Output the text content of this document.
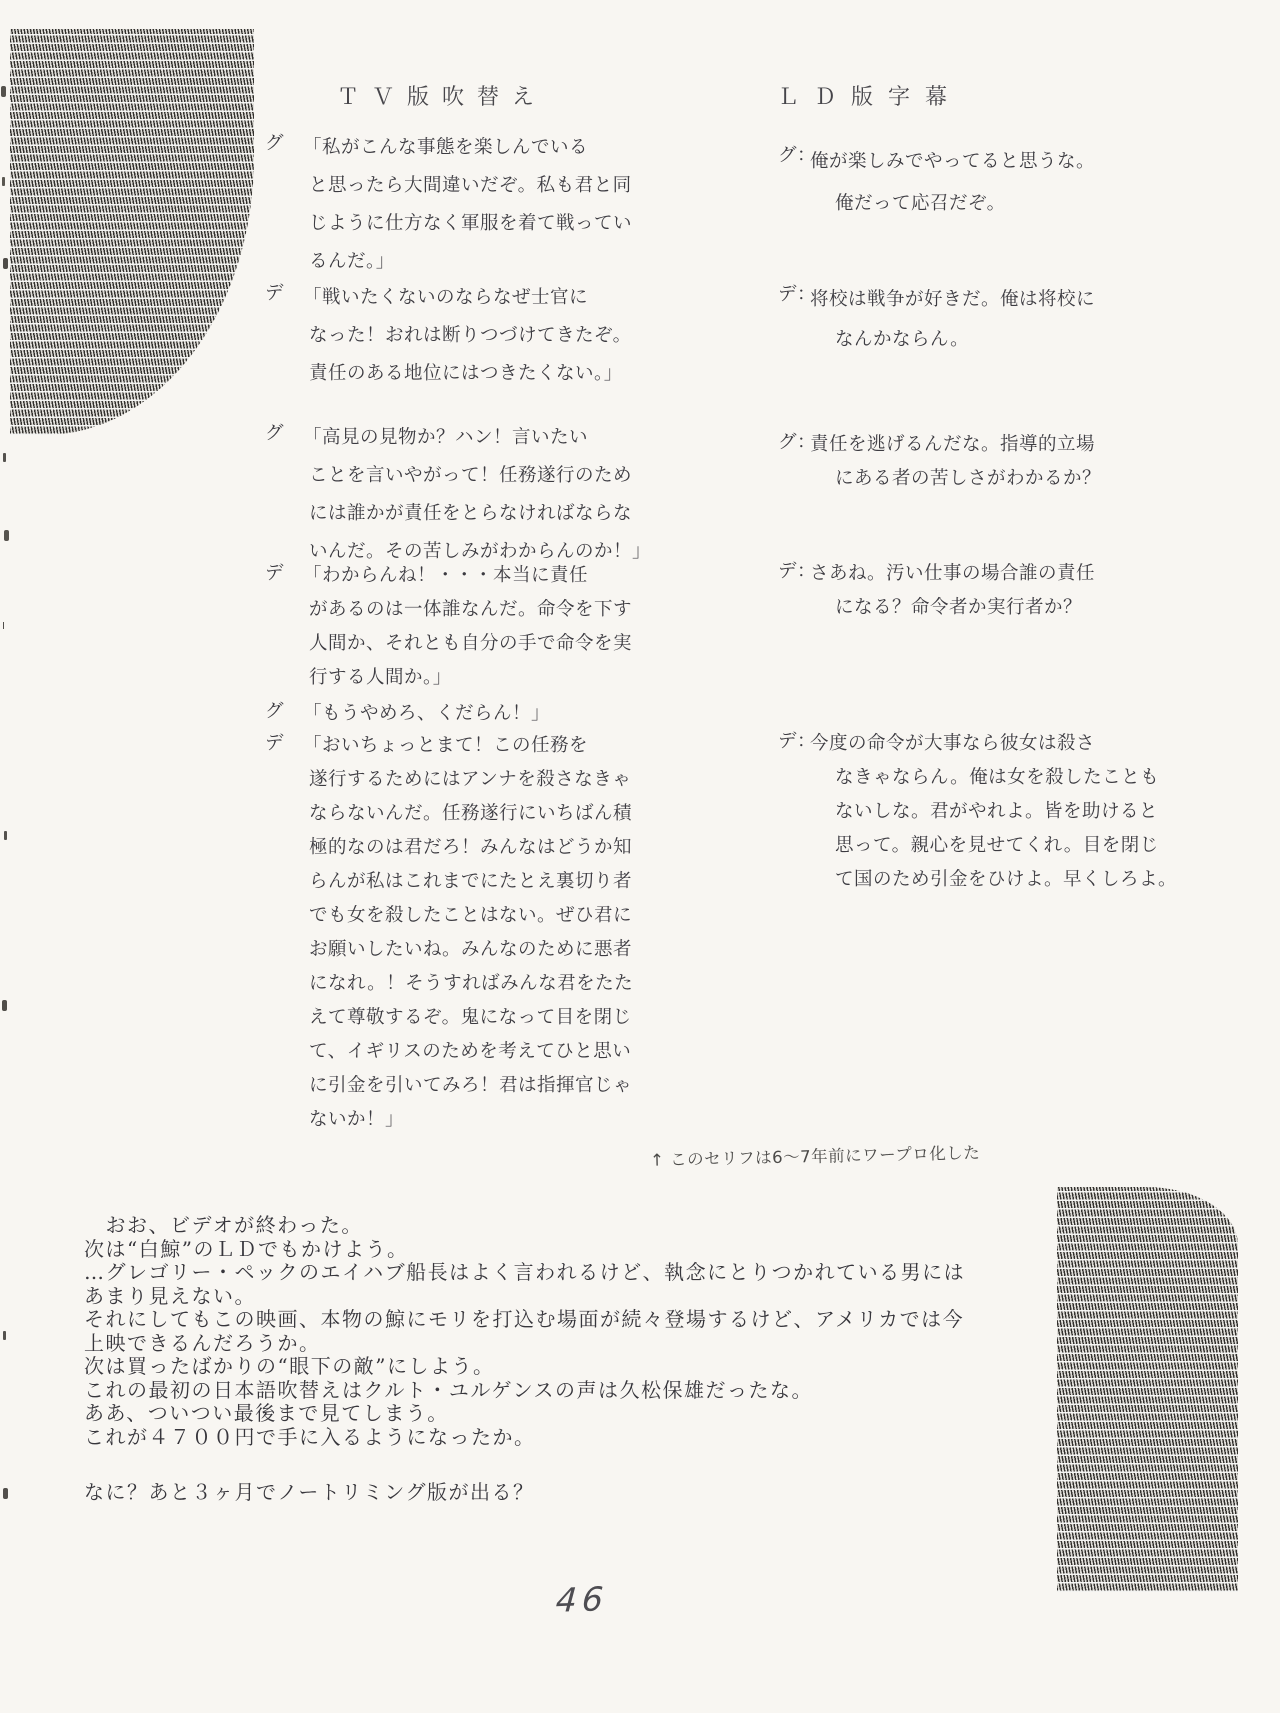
ＴＶ版吹替え	ＬＤ版字幕
グ 「私がこんな事態を楽しんでいる
と思ったら大間違いだぞ。私も君と同
じように仕方なく軍服を着て戦ってい
るんだ。」
デ 「戦いたくないのならなぜ士官に
なった！おれは断りつづけてきたぞ。
責任のある地位にはつきたくない。」
グ 「高見の見物か？ハン！言いたい
ことを言いやがって！任務遂行のため
には誰かが責任をとらなければならな
いんだ。その苦しみがわからんのか！」
デ 「わからんね！・・・本当に責任
があるのは一体誰なんだ。命令を下す
人間か、それとも自分の手で命令を実
行する人間か。」
グ 「もうやめろ、くだらん！」
デ 「おいちょっとまて！この任務を
遂行するためにはアンナを殺さなきゃ
ならないんだ。任務遂行にいちばん積
極的なのは君だろ！みんなはどうか知
らんが私はこれまでにたとえ裏切り者
でも女を殺したことはない。ぜひ君に
お願いしたいね。みんなのために悪者
になれ。！そうすればみんな君をたた
えて尊敬するぞ。鬼になって目を閉じ
て、イギリスのためを考えてひと思い
に引金を引いてみろ！君は指揮官じゃ
ないか！」
グ：
俺が楽しみでやってると思うな。
俺だって応召だぞ。
デ：
将校は戦争が好きだ。俺は将校に
なんかならん。
グ：
責任を逃げるんだな。指導的立場
にある者の苦しさがわかるか？
デ：
さあね。汚い仕事の場合誰の責任
になる？命令者か実行者か？
デ：
今度の命令が大事なら彼女は殺さ
なきゃならん。俺は女を殺したことも
ないしな。君がやれよ。皆を助けると
思って。親心を見せてくれ。目を閉じ
て国のため引金をひけよ。早くしろよ。
↑ このセリフは6～7年前にワープロ化した
　おお、ビデオが終わった。
次は“白鯨”のＬＤでもかけよう。
…グレゴリー・ペックのエイハブ船長はよく言われるけど、執念にとりつかれている男には
あまり見えない。
それにしてもこの映画、本物の鯨にモリを打込む場面が続々登場するけど、アメリカでは今
上映できるんだろうか。
次は買ったばかりの“眼下の敵”にしよう。
これの最初の日本語吹替えはクルト・ユルゲンスの声は久松保雄だったな。
ああ、ついつい最後まで見てしまう。
これが４７００円で手に入るようになったか。
なに？あと３ヶ月でノートリミング版が出る？
46
